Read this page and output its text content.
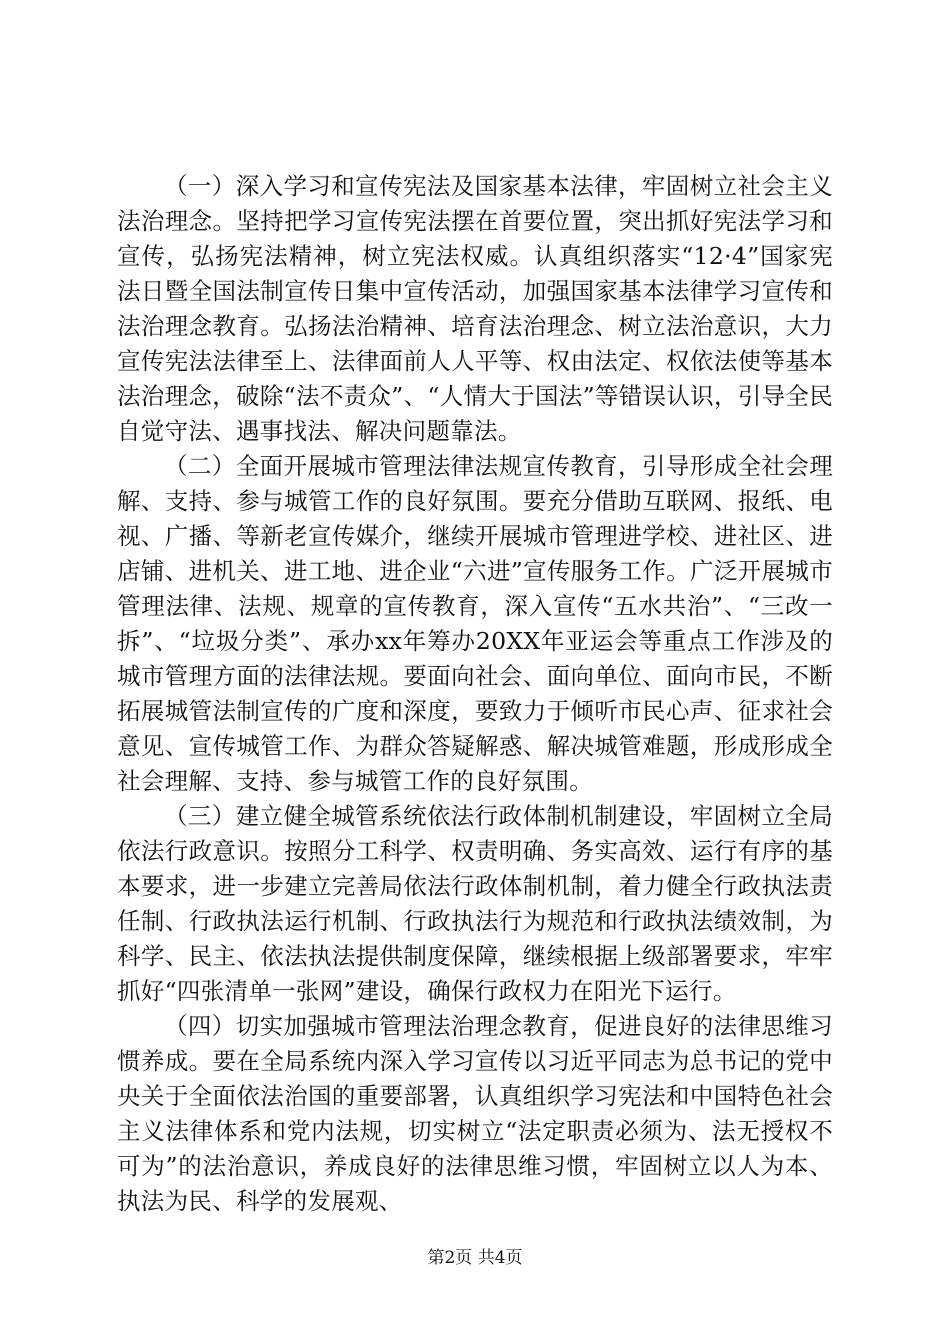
（一）深入学习和宣传宪法及国家基本法律，牢固树立社会主义法治理念。坚持把学习宣传宪法摆在首要位置，突出抓好宪法学习和宣传，弘扬宪法精神，树立宪法权威。认真组织落实“12·4”国家宪法日暨全国法制宣传日集中宣传活动，加强国家基本法律学习宣传和法治理念教育。弘扬法治精神、培育法治理念、树立法治意识，大力宣传宪法法律至上、法律面前人人平等、权由法定、权依法使等基本法治理念，破除“法不责众”、“人情大于国法”等错误认识，引导全民自觉守法、遇事找法、解决问题靠法。

（二）全面开展城市管理法律法规宣传教育，引导形成全社会理解、支持、参与城管工作的良好氛围。要充分借助互联网、报纸、电视、广播、等新老宣传媒介，继续开展城市管理进学校、进社区、进店铺、进机关、进工地、进企业“六进”宣传服务工作。广泛开展城市管理法律、法规、规章的宣传教育，深入宣传“五水共治”、“三改一拆”、“垃圾分类”、承办xx年筹办20XX年亚运会等重点工作涉及的城市管理方面的法律法规。要面向社会、面向单位、面向市民，不断拓展城管法制宣传的广度和深度，要致力于倾听市民心声、征求社会意见、宣传城管工作、为群众答疑解惑、解决城管难题，形成形成全社会理解、支持、参与城管工作的良好氛围。

（三）建立健全城管系统依法行政体制机制建设，牢固树立全局依法行政意识。按照分工科学、权责明确、务实高效、运行有序的基本要求，进一步建立完善局依法行政体制机制，着力健全行政执法责任制、行政执法运行机制、行政执法行为规范和行政执法绩效制，为科学、民主、依法执法提供制度保障，继续根据上级部署要求，牢牢抓好“四张清单一张网”建设，确保行政权力在阳光下运行。

（四）切实加强城市管理法治理念教育，促进良好的法律思维习惯养成。要在全局系统内深入学习宣传以习近平同志为总书记的党中央关于全面依法治国的重要部署，认真组织学习宪法和中国特色社会主义法律体系和党内法规，切实树立“法定职责必须为、法无授权不可为”的法治意识，养成良好的法律思维习惯，牢固树立以人为本、执法为民、科学的发展观、

第2页 共4页
